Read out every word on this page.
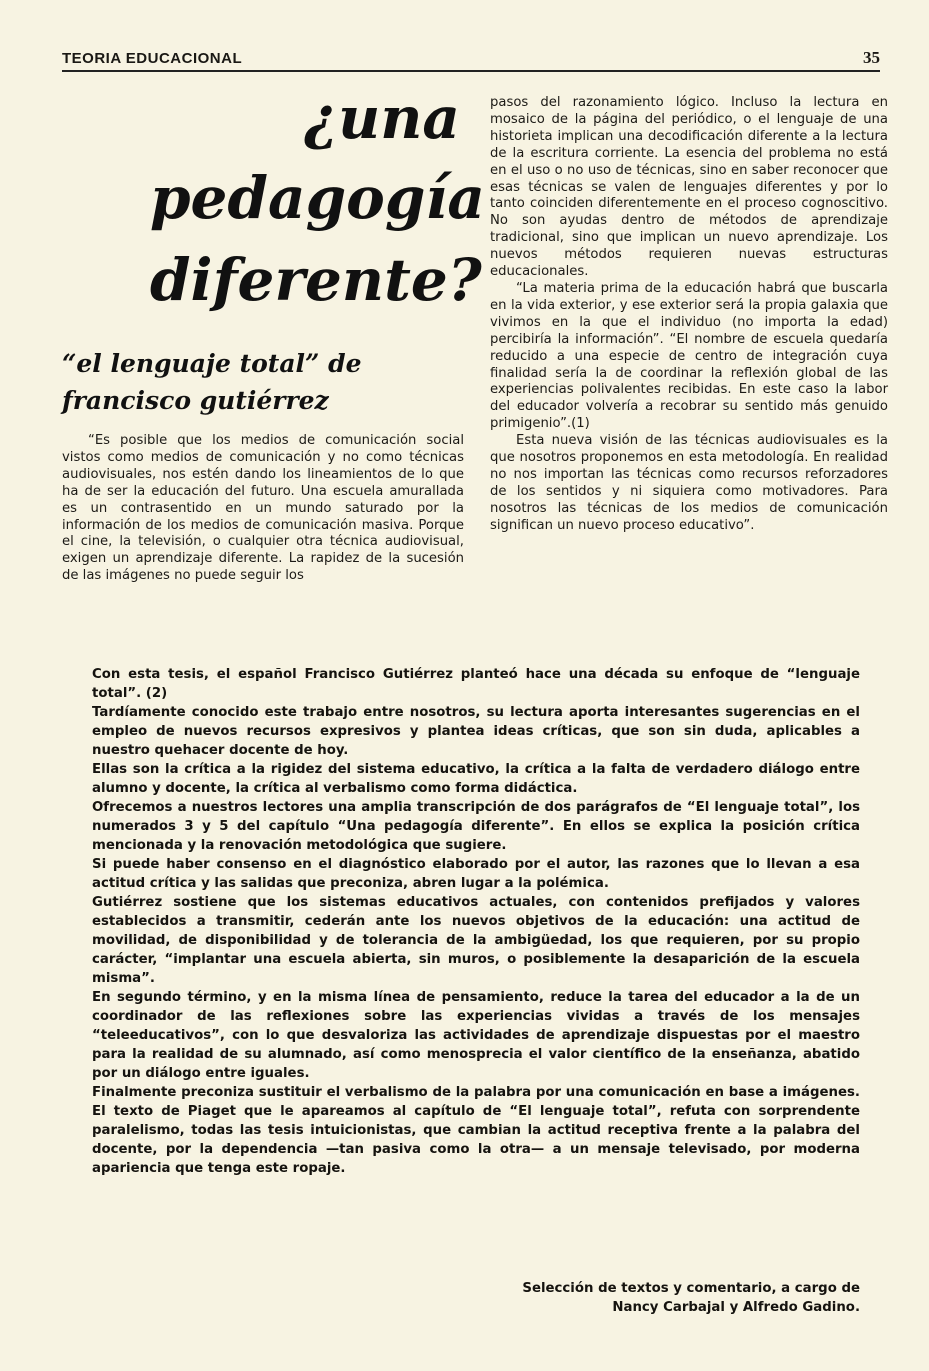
TEORIA EDUCACIONAL	35
¿una
pedagogía
diferente?
“el lenguaje total” de
francisco gutiérrez

“Es posible que los medios de comunicación social vistos como medios de comunicación y no como técnicas audiovisuales, nos estén dando los lineamientos de lo que ha de ser la educación del futuro. Una escuela amurallada es un contrasentido en un mundo saturado por la información de los medios de comunicación masiva. Porque el cine, la televisión, o cualquier otra técnica audiovisual, exigen un aprendizaje diferente. La rapidez de la sucesión de las imágenes no puede seguir los

pasos del razonamiento lógico. Incluso la lectura en mosaico de la página del periódico, o el lenguaje de una historieta implican una decodificación diferente a la lectura de la escritura corriente. La esencia del problema no está en el uso o no uso de técnicas, sino en saber reconocer que esas técnicas se valen de lenguajes diferentes y por lo tanto coinciden diferentemente en el proceso cognoscitivo. No son ayudas dentro de métodos de aprendizaje tradicional, sino que implican un nuevo aprendizaje. Los nuevos métodos requieren nuevas estructuras educacionales.

“La materia prima de la educación habrá que buscarla en la vida exterior, y ese exterior será la propia galaxia que vivimos en la que el individuo (no importa la edad) percibiría la información”. “El nombre de escuela quedaría reducido a una especie de centro de integración cuya finalidad sería la de coordinar la reflexión global de las experiencias polivalentes recibidas. En este caso la labor del educador volvería a recobrar su sentido más genuido primigenio”.(1)

Esta nueva visión de las técnicas audiovisuales es la que nosotros proponemos en esta metodología. En realidad no nos importan las técnicas como recursos reforzadores de los sentidos y ni siquiera como motivadores. Para nosotros las técnicas de los medios de comunicación significan un nuevo proceso educativo”.

Con esta tesis, el español Francisco Gutiérrez planteó hace una década su enfoque de “lenguaje total”. (2)

Tardíamente conocido este trabajo entre nosotros, su lectura aporta interesantes sugerencias en el empleo de nuevos recursos expresivos y plantea ideas críticas, que son sin duda, aplicables a nuestro quehacer docente de hoy.

Ellas son la crítica a la rigidez del sistema educativo, la crítica a la falta de verdadero diálogo entre alumno y docente, la crítica al verbalismo como forma didáctica.

Ofrecemos a nuestros lectores una amplia transcripción de dos parágrafos de “El lenguaje total”, los numerados 3 y 5 del capítulo “Una pedagogía diferente”. En ellos se explica la posición crítica mencionada y la renovación metodológica que sugiere.

Si puede haber consenso en el diagnóstico elaborado por el autor, las razones que lo llevan a esa actitud crítica y las salidas que preconiza, abren lugar a la polémica.

Gutiérrez sostiene que los sistemas educativos actuales, con contenidos prefijados y valores establecidos a transmitir, cederán ante los nuevos objetivos de la educación: una actitud de movilidad, de disponibilidad y de tolerancia de la ambigüedad, los que requieren, por su propio carácter, “implantar una escuela abierta, sin muros, o posiblemente la desaparición de la escuela misma”.

En segundo término, y en la misma línea de pensamiento, reduce la tarea del educador a la de un coordinador de las reflexiones sobre las experiencias vividas a través de los mensajes “teleeducativos”, con lo que desvaloriza las actividades de aprendizaje dispuestas por el maestro para la realidad de su alumnado, así como menosprecia el valor científico de la enseñanza, abatido por un diálogo entre iguales.

Finalmente preconiza sustituir el verbalismo de la palabra por una comunicación en base a imágenes. El texto de Piaget que le apareamos al capítulo de “El lenguaje total”, refuta con sorprendente paralelismo, todas las tesis intuicionistas, que cambian la actitud receptiva frente a la palabra del docente, por la dependencia —tan pasiva como la otra— a un mensaje televisado, por moderna apariencia que tenga este ropaje.

Selección de textos y comentario, a cargo de
Nancy Carbajal y Alfredo Gadino.
